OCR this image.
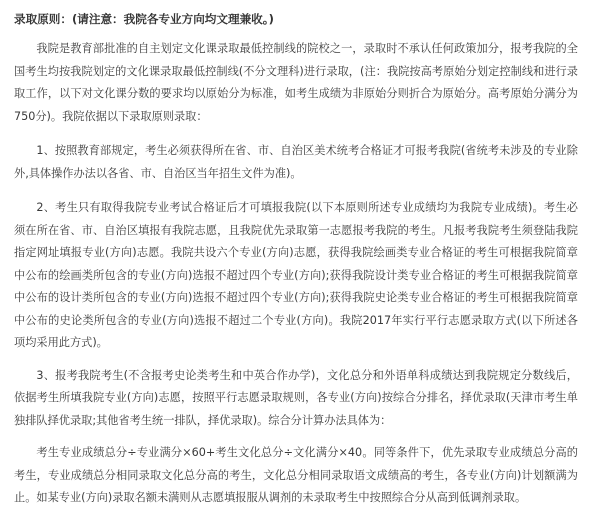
录取原则：(请注意：我院各专业方向均文理兼收。)

我院是教育部批准的自主划定文化课录取最低控制线的院校之一，录取时不承认任何政策加分，报考我院的全国考生均按我院划定的文化课录取最低控制线(不分文理科)进行录取，(注：我院按高考原始分划定控制线和进行录取工作，以下对文化课分数的要求均以原始分为标准，如考生成绩为非原始分则折合为原始分。高考原始分满分为750分)。我院依据以下录取原则录取：

1、按照教育部规定，考生必须获得所在省、市、自治区美术统考合格证才可报考我院(省统考未涉及的专业除外,具体操作办法以各省、市、自治区当年招生文件为准)。

2、考生只有取得我院专业考试合格证后才可填报我院(以下本原则所述专业成绩均为我院专业成绩)。考生必须在所在省、市、自治区填报有我院志愿，且我院优先录取第一志愿报考我院的考生。凡报考我院考生须登陆我院指定网址填报专业(方向)志愿。我院共设六个专业(方向)志愿，获得我院绘画类专业合格证的考生可根据我院简章中公布的绘画类所包含的专业(方向)选报不超过四个专业(方向);获得我院设计类专业合格证的考生可根据我院简章中公布的设计类所包含的专业(方向)选报不超过四个专业(方向);获得我院史论类专业合格证的考生可根据我院简章中公布的史论类所包含的专业(方向)选报不超过二个专业(方向)。我院2017年实行平行志愿录取方式(以下所述各项均采用此方式)。

3、报考我院考生(不含报考史论类考生和中英合作办学)，文化总分和外语单科成绩达到我院规定分数线后，依据考生所填我院专业(方向)志愿，按照平行志愿录取规则，各专业(方向)按综合分排名，择优录取(天津市考生单独排队择优录取;其他省考生统一排队，择优录取)。综合分计算办法具体为：

考生专业成绩总分÷专业满分×60+考生文化总分÷文化满分×40。同等条件下，优先录取专业成绩总分高的考生，专业成绩总分相同录取文化总分高的考生，文化总分相同录取语文成绩高的考生，各专业(方向)计划额满为止。如某专业(方向)录取名额未满则从志愿填报服从调剂的未录取考生中按照综合分从高到低调剂录取。
